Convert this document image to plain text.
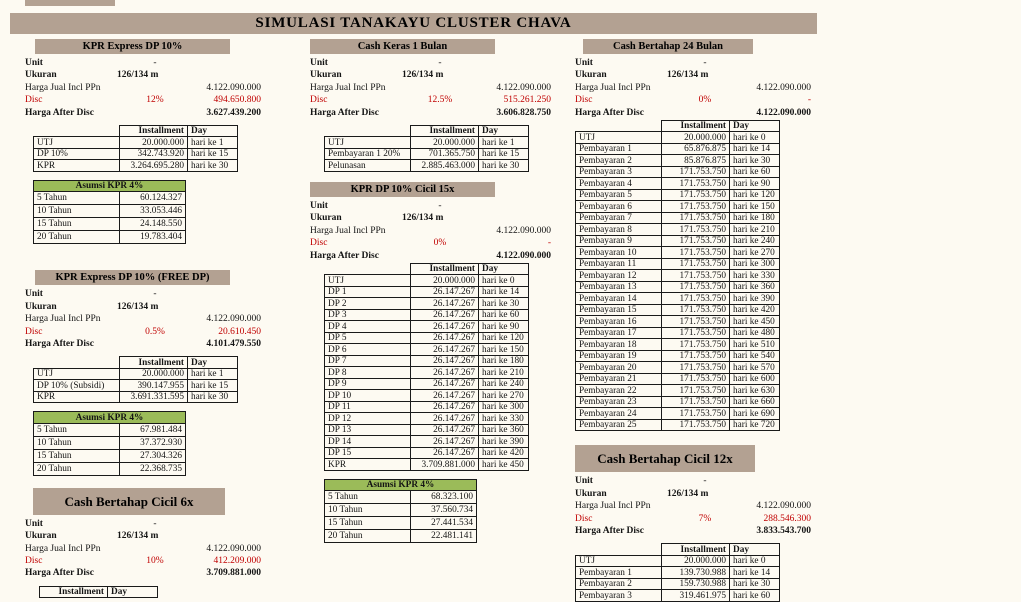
SIMULASI TANAKAYU CLUSTER CHAVA
KPR Express DP 10%
Unit	-
Ukuran	126/134 m
Harga Jual Incl PPn	4.122.090.000
Disc	12%	494.650.800
Harga After Disc	3.627.439.200
	Installment	Day
UTJ	20.000.000	hari ke 1
DP 10%	342.743.920	hari ke 15
KPR	3.264.695.280	hari ke 30
Asumsi KPR 4%	
5 Tahun	60.124.327
10 Tahun	33.053.446
15 Tahun	24.148.550
20 Tahun	19.783.404
KPR Express DP 10% (FREE DP)
Unit	-
Ukuran	126/134 m
Harga Jual Incl PPn	4.122.090.000
Disc	0.5%	20.610.450
Harga After Disc	4.101.479.550
	Installment	Day
UTJ	20.000.000	hari ke 1
DP 10% (Subsidi)	390.147.955	hari ke 15
KPR	3.691.331.595	hari ke 30
Asumsi KPR 4%	
5 Tahun	67.981.484
10 Tahun	37.372.930
15 Tahun	27.304.326
20 Tahun	22.368.735
Cash Bertahap Cicil 6x
Unit	-
Ukuran	126/134 m
Harga Jual Incl PPn	4.122.090.000
Disc	10%	412.209.000
Harga After Disc	3.709.881.000
	Installment	Day
Cash Keras 1 Bulan
Unit	-
Ukuran	126/134 m
Harga Jual Incl PPn	4.122.090.000
Disc	12.5%	515.261.250
Harga After Disc	3.606.828.750
	Installment	Day
UTJ	20.000.000	hari ke 1
Pembayaran 1 20%	701.365.750	hari ke 15
Pelunasan	2.885.463.000	hari ke 30
KPR DP 10% Cicil 15x
Unit	-
Ukuran	126/134 m
Harga Jual Incl PPn	4.122.090.000
Disc	0%	-
Harga After Disc	4.122.090.000
	Installment	Day
UTJ	20.000.000	hari ke 0
DP 1	26.147.267	hari ke 14
DP 2	26.147.267	hari ke 30
DP 3	26.147.267	hari ke 60
DP 4	26.147.267	hari ke 90
DP 5	26.147.267	hari ke 120
DP 6	26.147.267	hari ke 150
DP 7	26.147.267	hari ke 180
DP 8	26.147.267	hari ke 210
DP 9	26.147.267	hari ke 240
DP 10	26.147.267	hari ke 270
DP 11	26.147.267	hari ke 300
DP 12	26.147.267	hari ke 330
DP 13	26.147.267	hari ke 360
DP 14	26.147.267	hari ke 390
DP 15	26.147.267	hari ke 420
KPR	3.709.881.000	hari ke 450
Asumsi KPR 4%	
5 Tahun	68.323.100
10 Tahun	37.560.734
15 Tahun	27.441.534
20 Tahun	22.481.141
Cash Bertahap 24 Bulan
Unit	-
Ukuran	126/134 m
Harga Jual Incl PPn	4.122.090.000
Disc	0%	-
Harga After Disc	4.122.090.000
	Installment	Day
UTJ	20.000.000	hari ke 0
Pembayaran 1	65.876.875	hari ke 14
Pembayaran 2	85.876.875	hari ke 30
Pembayaran 3	171.753.750	hari ke 60
Pembayaran 4	171.753.750	hari ke 90
Pembayaran 5	171.753.750	hari ke 120
Pembayaran 6	171.753.750	hari ke 150
Pembayaran 7	171.753.750	hari ke 180
Pembayaran 8	171.753.750	hari ke 210
Pembayaran 9	171.753.750	hari ke 240
Pembayaran 10	171.753.750	hari ke 270
Pembayaran 11	171.753.750	hari ke 300
Pembayaran 12	171.753.750	hari ke 330
Pembayaran 13	171.753.750	hari ke 360
Pembayaran 14	171.753.750	hari ke 390
Pembayaran 15	171.753.750	hari ke 420
Pembayaran 16	171.753.750	hari ke 450
Pembayaran 17	171.753.750	hari ke 480
Pembayaran 18	171.753.750	hari ke 510
Pembayaran 19	171.753.750	hari ke 540
Pembayaran 20	171.753.750	hari ke 570
Pembayaran 21	171.753.750	hari ke 600
Pembayaran 22	171.753.750	hari ke 630
Pembayaran 23	171.753.750	hari ke 660
Pembayaran 24	171.753.750	hari ke 690
Pembayaran 25	171.753.750	hari ke 720
Cash Bertahap Cicil 12x
Unit	-
Ukuran	126/134 m
Harga Jual Incl PPn	4.122.090.000
Disc	7%	288.546.300
Harga After Disc	3.833.543.700
	Installment	Day
UTJ	20.000.000	hari ke 0
Pembayaran 1	139.730.988	hari ke 14
Pembayaran 2	159.730.988	hari ke 30
Pembayaran 3	319.461.975	hari ke 60
